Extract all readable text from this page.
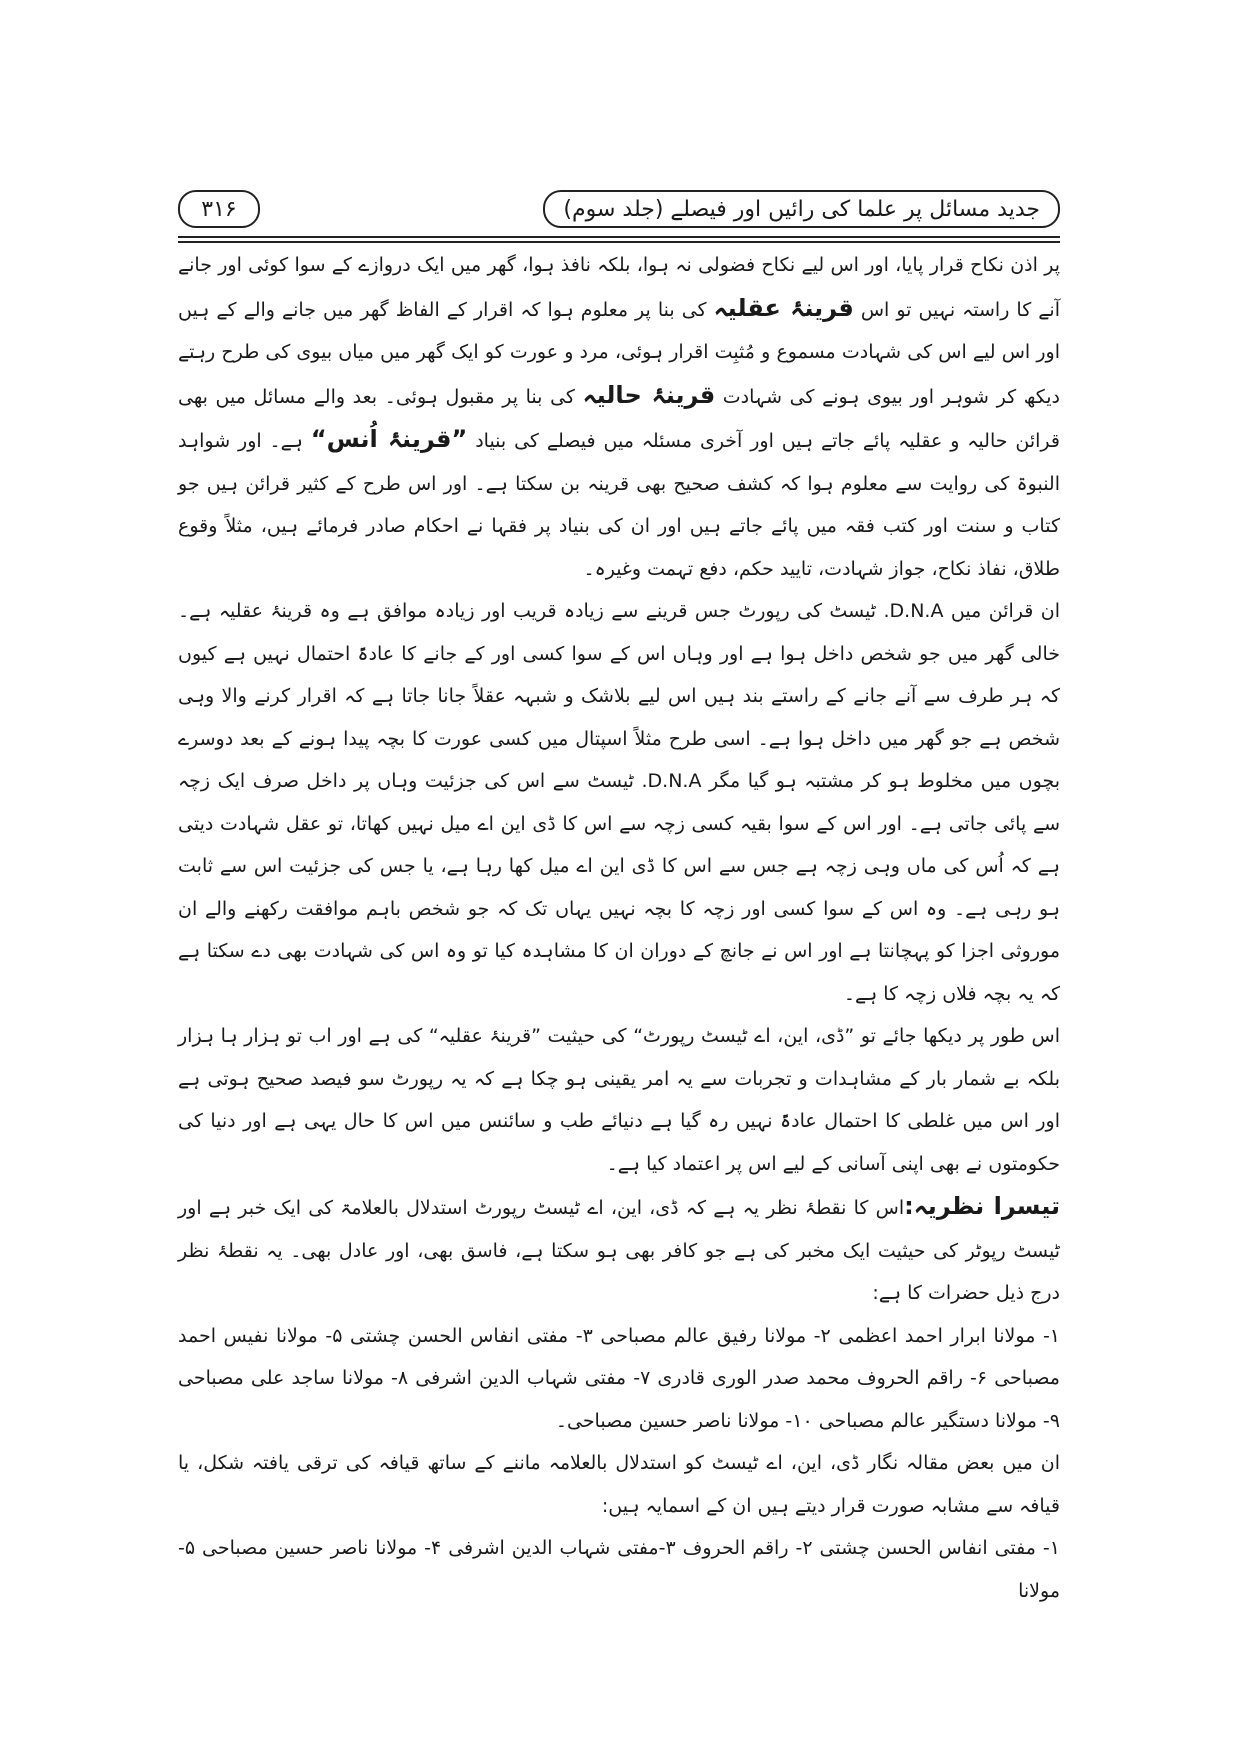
۳۱۶	جدید مسائل پر علما کی رائیں اور فیصلے (جلد سوم)

پر اذن نکاح قرار پایا، اور اس لیے نکاح فضولی نہ ہوا، بلکہ نافذ ہوا، گھر میں ایک دروازے کے سوا کوئی اور جانے آنے کا راستہ نہیں تو اس قرینۂ عقلیہ کی بنا پر معلوم ہوا کہ اقرار کے الفاظ گھر میں جانے والے کے ہیں اور اس لیے اس کی شہادت مسموع و مُثبِت اقرار ہوئی، مرد و عورت کو ایک گھر میں میاں بیوی کی طرح رہتے دیکھ کر شوہر اور بیوی ہونے کی شہادت قرینۂ حالیہ کی بنا پر مقبول ہوئی۔ بعد والے مسائل میں بھی قرائن حالیہ و عقلیہ پائے جاتے ہیں اور آخری مسئلہ میں فیصلے کی بنیاد ”قرینۂ اُنس“ ہے۔ اور شواہد النبوۃ کی روایت سے معلوم ہوا کہ کشف صحیح بھی قرینہ بن سکتا ہے۔ اور اس طرح کے کثیر قرائن ہیں جو کتاب و سنت اور کتب فقہ میں پائے جاتے ہیں اور ان کی بنیاد پر فقہا نے احکام صادر فرمائے ہیں، مثلاً وقوع طلاق، نفاذ نکاح، جواز شہادت، تایید حکم، دفع تہمت وغیرہ۔

ان قرائن میں D.N.A. ٹیسٹ کی رپورٹ جس قرینے سے زیادہ قریب اور زیادہ موافق ہے وہ قرینۂ عقلیہ ہے۔ خالی گھر میں جو شخص داخل ہوا ہے اور وہاں اس کے سوا کسی اور کے جانے کا عادۃً احتمال نہیں ہے کیوں کہ ہر طرف سے آنے جانے کے راستے بند ہیں اس لیے بلاشک و شبہہ عقلاً جانا جاتا ہے کہ اقرار کرنے والا وہی شخص ہے جو گھر میں داخل ہوا ہے۔ اسی طرح مثلاً اسپتال میں کسی عورت کا بچہ پیدا ہونے کے بعد دوسرے بچوں میں مخلوط ہو کر مشتبہ ہو گیا مگر D.N.A. ٹیسٹ سے اس کی جزئیت وہاں پر داخل صرف ایک زچہ سے پائی جاتی ہے۔ اور اس کے سوا بقیہ کسی زچہ سے اس کا ڈی این اے میل نہیں کھاتا، تو عقل شہادت دیتی ہے کہ اُس کی ماں وہی زچہ ہے جس سے اس کا ڈی این اے میل کھا رہا ہے، یا جس کی جزئیت اس سے ثابت ہو رہی ہے۔ وہ اس کے سوا کسی اور زچہ کا بچہ نہیں یہاں تک کہ جو شخص باہم موافقت رکھنے والے ان موروثی اجزا کو پہچانتا ہے اور اس نے جانچ کے دوران ان کا مشاہدہ کیا تو وہ اس کی شہادت بھی دے سکتا ہے کہ یہ بچہ فلاں زچہ کا ہے۔

اس طور پر دیکھا جائے تو ”ڈی، این، اے ٹیسٹ رپورٹ“ کی حیثیت ”قرینۂ عقلیہ“ کی ہے اور اب تو ہزار ہا ہزار بلکہ بے شمار بار کے مشاہدات و تجربات سے یہ امر یقینی ہو چکا ہے کہ یہ رپورٹ سو فیصد صحیح ہوتی ہے اور اس میں غلطی کا احتمال عادۃً نہیں رہ گیا ہے دنیائے طب و سائنس میں اس کا حال یہی ہے اور دنیا کی حکومتوں نے بھی اپنی آسانی کے لیے اس پر اعتماد کیا ہے۔

تیسرا نظریہ:اس کا نقطۂ نظر یہ ہے کہ ڈی، این، اے ٹیسٹ رپورٹ استدلال بالعلامۃ کی ایک خبر ہے اور ٹیسٹ رپوٹر کی حیثیت ایک مخبر کی ہے جو کافر بھی ہو سکتا ہے، فاسق بھی، اور عادل بھی۔ یہ نقطۂ نظر درج ذیل حضرات کا ہے:

۱- مولانا ابرار احمد اعظمی ۲- مولانا رفیق عالم مصباحی ۳- مفتی انفاس الحسن چشتی ۵- مولانا نفیس احمد مصباحی ۶- راقم الحروف محمد صدر الوری قادری ۷- مفتی شہاب الدین اشرفی ۸- مولانا ساجد علی مصباحی ۹- مولانا دستگیر عالم مصباحی ۱۰- مولانا ناصر حسین مصباحی۔

ان میں بعض مقالہ نگار ڈی، این، اے ٹیسٹ کو استدلال بالعلامہ ماننے کے ساتھ قیافہ کی ترقی یافتہ شکل، یا قیافہ سے مشابہ صورت قرار دیتے ہیں ان کے اسمایہ ہیں:

۱- مفتی انفاس الحسن چشتی ۲- راقم الحروف ۳-مفتی شہاب الدین اشرفی ۴- مولانا ناصر حسین مصباحی ۵-مولانا
